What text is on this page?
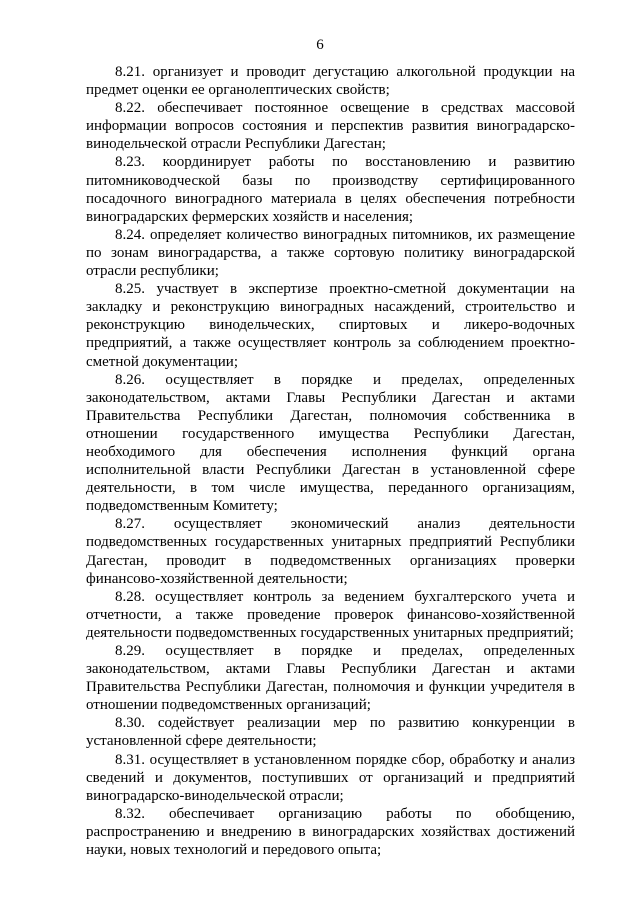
6

8.21. организует и проводит дегустацию алкогольной продукции на предмет оценки ее органолептических свойств;

8.22. обеспечивает постоянное освещение в средствах массовой информации вопросов состояния и перспектив развития виноградарско-винодельческой отрасли Республики Дагестан;

8.23. координирует работы по восстановлению и развитию питомниководческой базы по производству сертифицированного посадочного виноградного материала в целях обеспечения потребности виноградарских фермерских хозяйств и населения;

8.24. определяет количество виноградных питомников, их размещение по зонам виноградарства, а также сортовую политику виноградарской отрасли республики;

8.25. участвует в экспертизе проектно-сметной документации на закладку и реконструкцию виноградных насаждений, строительство и реконструкцию винодельческих, спиртовых и ликеро-водочных предприятий, а также осуществляет контроль за соблюдением проектно-сметной документации;

8.26. осуществляет в порядке и пределах, определенных законодательством, актами Главы Республики Дагестан и актами Правительства Республики Дагестан, полномочия собственника в отношении государственного имущества Республики Дагестан, необходимого для обеспечения исполнения функций органа исполнительной власти Республики Дагестан в установленной сфере деятельности, в том числе имущества, переданного организациям, подведомственным Комитету;

8.27. осуществляет экономический анализ деятельности подведомственных государственных унитарных предприятий Республики Дагестан, проводит в подведомственных организациях проверки финансово-хозяйственной деятельности;

8.28. осуществляет контроль за ведением бухгалтерского учета и отчетности, а также проведение проверок финансово-хозяйственной деятельности подведомственных государственных унитарных предприятий;

8.29. осуществляет в порядке и пределах, определенных законодательством, актами Главы Республики Дагестан и актами Правительства Республики Дагестан, полномочия и функции учредителя в отношении подведомственных организаций;

8.30. содействует реализации мер по развитию конкуренции в установленной сфере деятельности;

8.31. осуществляет в установленном порядке сбор, обработку и анализ сведений и документов, поступивших от организаций и предприятий виноградарско-винодельческой отрасли;

8.32. обеспечивает организацию работы по обобщению, распространению и внедрению в виноградарских хозяйствах достижений науки, новых технологий и передового опыта;
